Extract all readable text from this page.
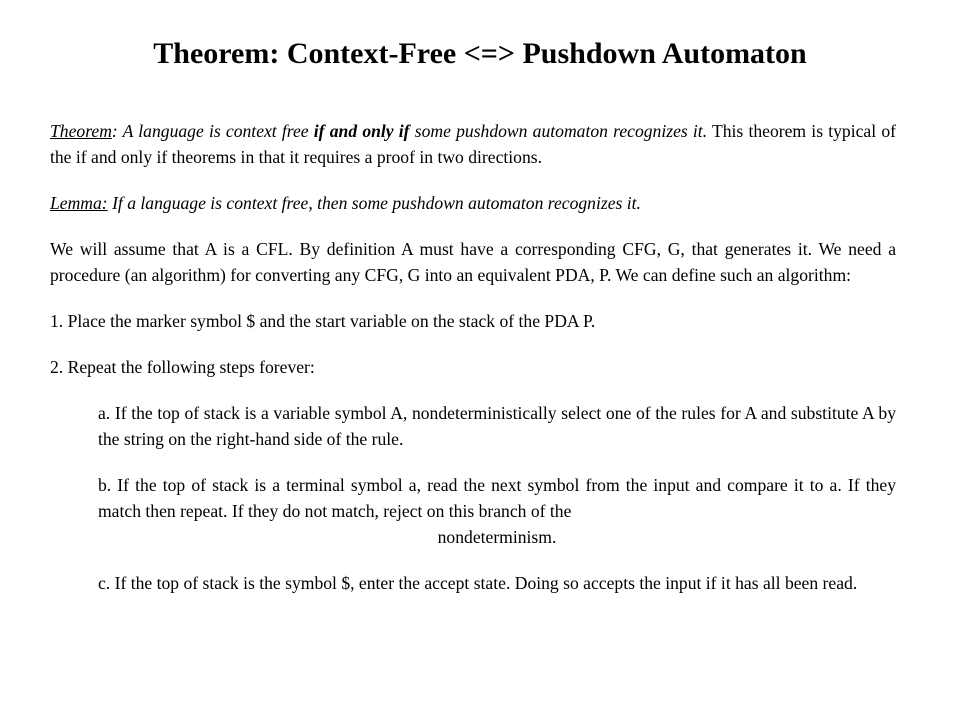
Theorem: Context-Free <=> Pushdown Automaton

Theorem: A language is context free if and only if some pushdown automaton recognizes it. This theorem is typical of the if and only if theorems in that it requires a proof in two directions.

Lemma: If a language is context free, then some pushdown automaton recognizes it.

We will assume that A is a CFL. By definition A must have a corresponding CFG, G, that generates it. We need a procedure (an algorithm) for converting any CFG, G into an equivalent PDA, P. We can define such an algorithm:

1. Place the marker symbol $ and the start variable on the stack of the PDA P.

2. Repeat the following steps forever:

a. If the top of stack is a variable symbol A, nondeterministically select one of the rules for A and substitute A by the string on the right-hand side of the rule.

b. If the top of stack is a terminal symbol a, read the next symbol from the input and compare it to a. If they match then repeat. If they do not match, reject on this branch of the
nondeterminism.

c. If the top of stack is the symbol $, enter the accept state. Doing so accepts the input if it has all been read.
